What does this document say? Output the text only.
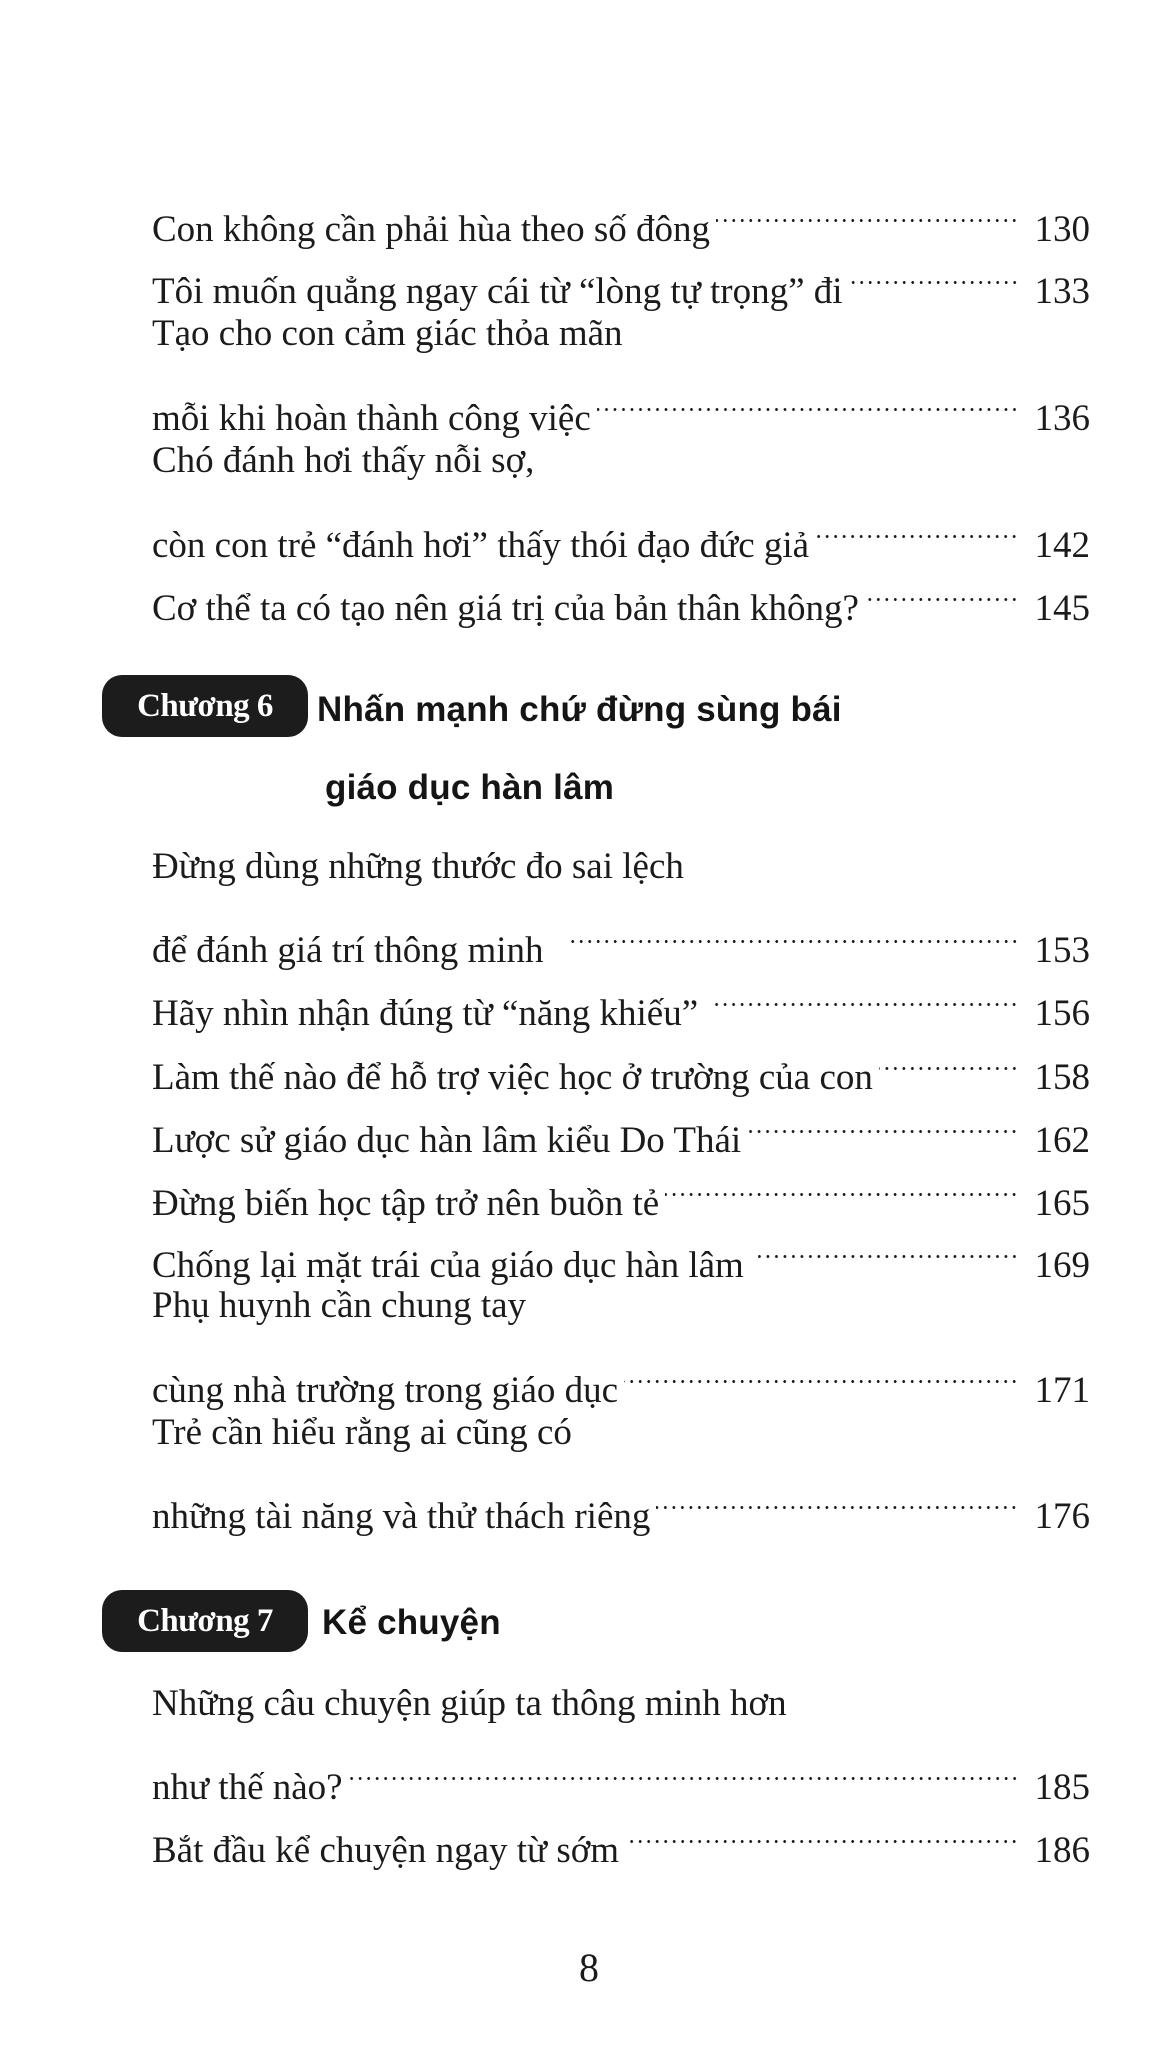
Con không cần phải hùa theo số đông	130
Tôi muốn quẳng ngay cái từ “lòng tự trọng” đi	133
Tạo cho con cảm giác thỏa mãn
mỗi khi hoàn thành công việc	136
Chó đánh hơi thấy nỗi sợ,
còn con trẻ “đánh hơi” thấy thói đạo đức giả	142
Cơ thể ta có tạo nên giá trị của bản thân không?	145
Chương 6	Nhấn mạnh chứ đừng sùng bái
giáo dục hàn lâm
Đừng dùng những thước đo sai lệch
để đánh giá trí thông minh	153
Hãy nhìn nhận đúng từ “năng khiếu”	156
Làm thế nào để hỗ trợ việc học ở trường của con	158
Lược sử giáo dục hàn lâm kiểu Do Thái	162
Đừng biến học tập trở nên buồn tẻ	165
Chống lại mặt trái của giáo dục hàn lâm	169
Phụ huynh cần chung tay
cùng nhà trường trong giáo dục	171
Trẻ cần hiểu rằng ai cũng có
những tài năng và thử thách riêng	176
Chương 7	Kể chuyện
Những câu chuyện giúp ta thông minh hơn
như thế nào?	185
Bắt đầu kể chuyện ngay từ sớm	186
8
